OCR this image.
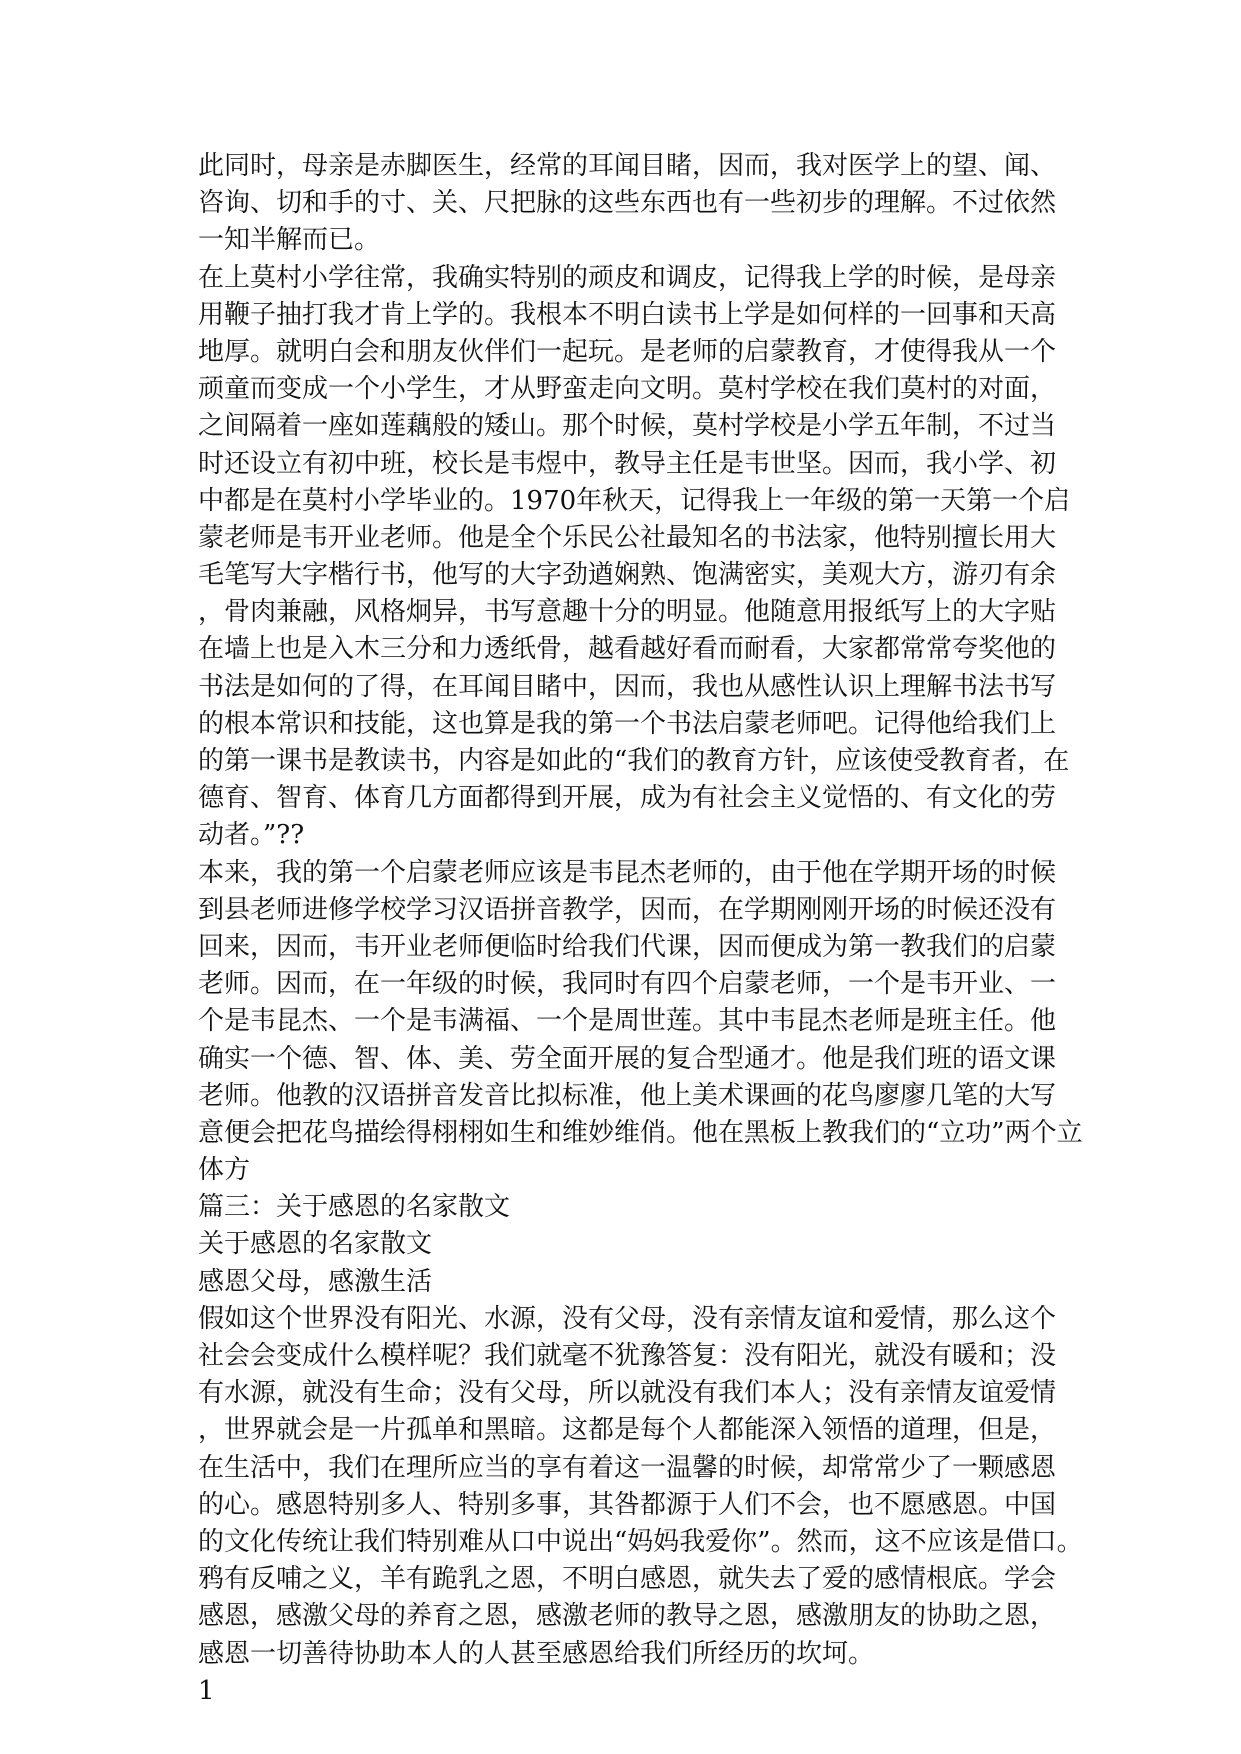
此同时，母亲是赤脚医生，经常的耳闻目睹，因而，我对医学上的望、闻、
咨询、切和手的寸、关、尺把脉的这些东西也有一些初步的理解。不过依然
一知半解而已。
在上莫村小学往常，我确实特别的顽皮和调皮，记得我上学的时候，是母亲
用鞭子抽打我才肯上学的。我根本不明白读书上学是如何样的一回事和天高
地厚。就明白会和朋友伙伴们一起玩。是老师的启蒙教育，才使得我从一个
顽童而变成一个小学生，才从野蛮走向文明。莫村学校在我们莫村的对面，
之间隔着一座如莲藕般的矮山。那个时候，莫村学校是小学五年制，不过当
时还设立有初中班，校长是韦煜中，教导主任是韦世坚。因而，我小学、初
中都是在莫村小学毕业的。1970年秋天，记得我上一年级的第一天第一个启
蒙老师是韦开业老师。他是全个乐民公社最知名的书法家，他特别擅长用大
毛笔写大字楷行书，他写的大字劲遒娴熟、饱满密实，美观大方，游刃有余
，骨肉兼融，风格炯异，书写意趣十分的明显。他随意用报纸写上的大字贴
在墙上也是入木三分和力透纸骨，越看越好看而耐看，大家都常常夸奖他的
书法是如何的了得，在耳闻目睹中，因而，我也从感性认识上理解书法书写
的根本常识和技能，这也算是我的第一个书法启蒙老师吧。记得他给我们上
的第一课书是教读书，内容是如此的“我们的教育方针，应该使受教育者，在
德育、智育、体育几方面都得到开展，成为有社会主义觉悟的、有文化的劳
动者。”??
本来，我的第一个启蒙老师应该是韦昆杰老师的，由于他在学期开场的时候
到县老师进修学校学习汉语拼音教学，因而，在学期刚刚开场的时候还没有
回来，因而，韦开业老师便临时给我们代课，因而便成为第一教我们的启蒙
老师。因而，在一年级的时候，我同时有四个启蒙老师，一个是韦开业、一
个是韦昆杰、一个是韦满福、一个是周世莲。其中韦昆杰老师是班主任。他
确实一个德、智、体、美、劳全面开展的复合型通才。他是我们班的语文课
老师。他教的汉语拼音发音比拟标准，他上美术课画的花鸟廖廖几笔的大写
意便会把花鸟描绘得栩栩如生和维妙维俏。他在黑板上教我们的“立功”两个立
体方
篇三：关于感恩的名家散文
关于感恩的名家散文
感恩父母，感激生活
假如这个世界没有阳光、水源，没有父母，没有亲情友谊和爱情，那么这个
社会会变成什么模样呢？我们就毫不犹豫答复：没有阳光，就没有暖和；没
有水源，就没有生命；没有父母，所以就没有我们本人；没有亲情友谊爱情
，世界就会是一片孤单和黑暗。这都是每个人都能深入领悟的道理，但是，
在生活中，我们在理所应当的享有着这一温馨的时候，却常常少了一颗感恩
的心。感恩特别多人、特别多事，其咎都源于人们不会，也不愿感恩。中国
的文化传统让我们特别难从口中说出“妈妈我爱你”。然而，这不应该是借口。
鸦有反哺之义，羊有跪乳之恩，不明白感恩，就失去了爱的感情根底。学会
感恩，感激父母的养育之恩，感激老师的教导之恩，感激朋友的协助之恩，
感恩一切善待协助本人的人甚至感恩给我们所经历的坎坷。
1
